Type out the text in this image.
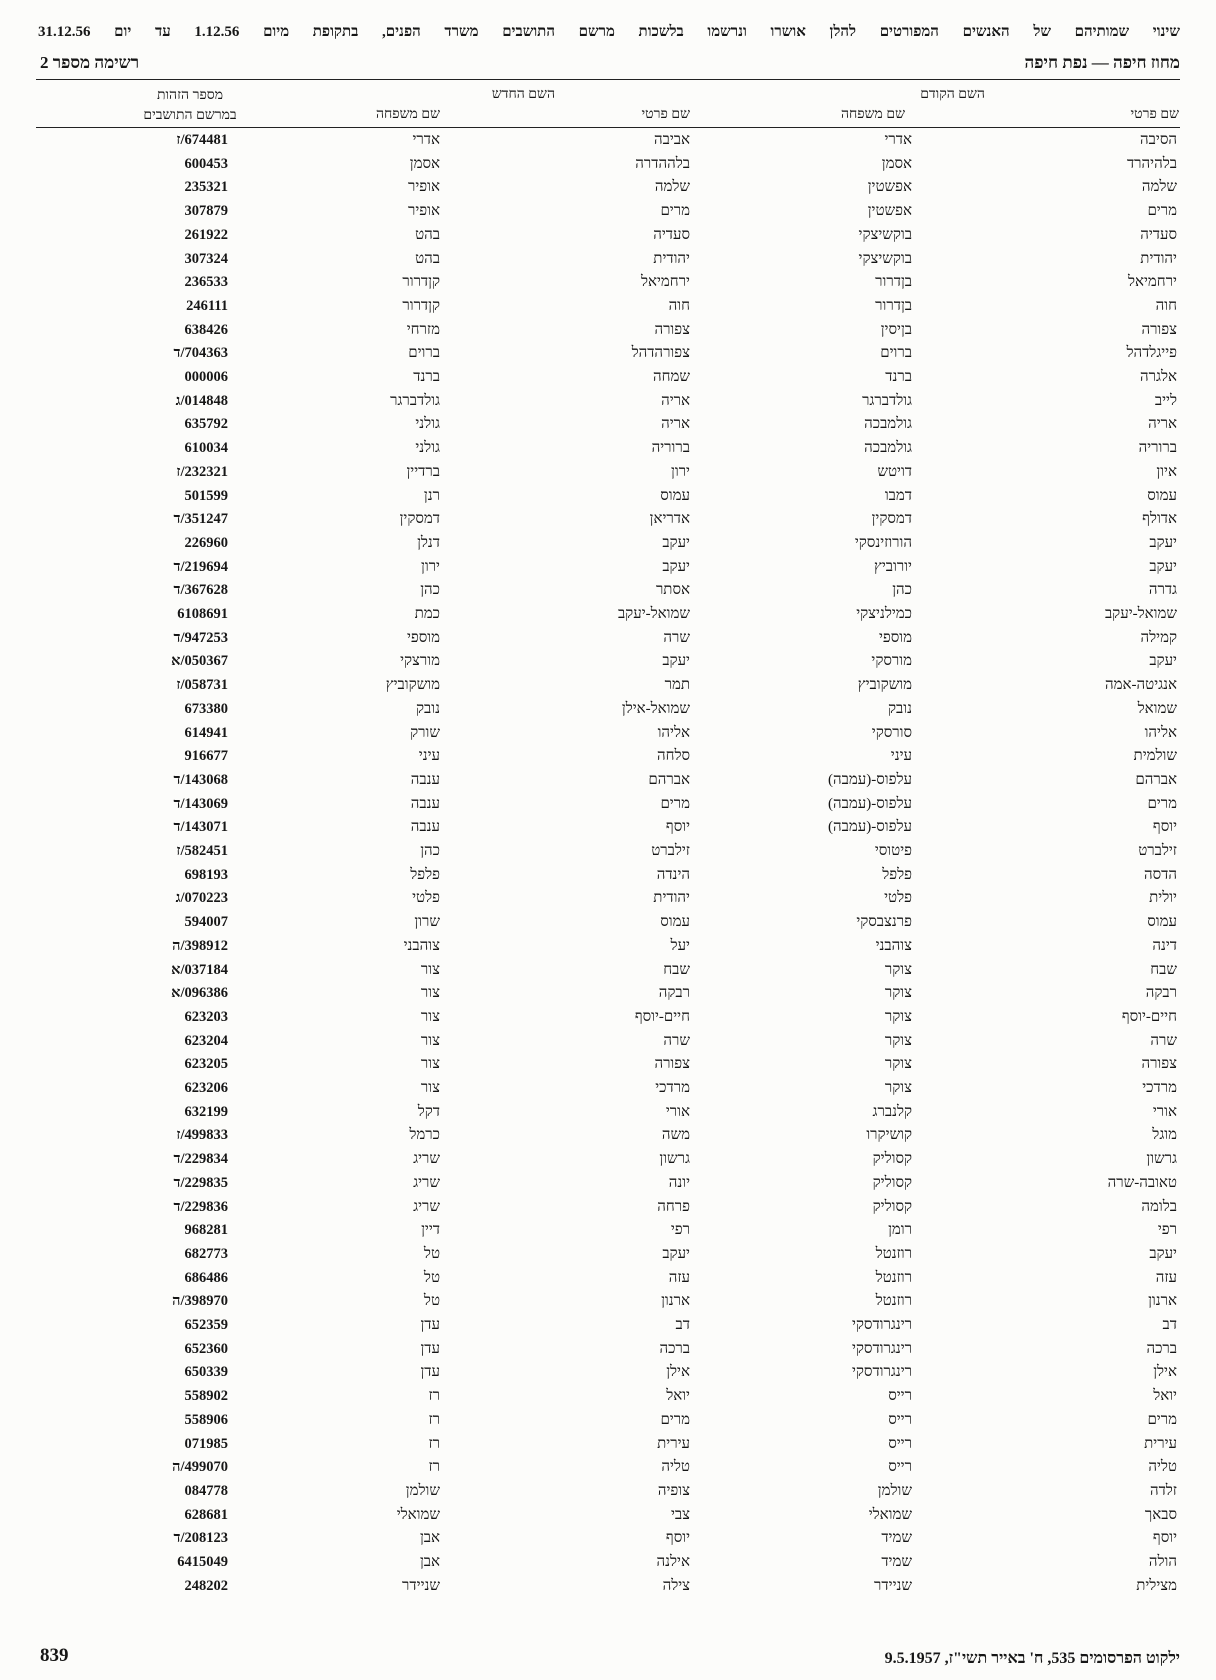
שינוי שמותיהם של האנשים המפורטים להלן אושרו ונרשמו בלשכות מרשם התושבים משרד הפנים, בתקופת מיום 1.12.56 עד יום 31.12.56
מחוז חיפה — נפת חיפה
רשימה מספר 2
השם הקודם
השם החדש
שם פרטי
שם משפחה
שם פרטי
שם משפחה
מספר הזהות
במרשם התושבים
הסיבה
אדרי
אביבה
אדרי
ז/674481
בלהיהרד
אסמן
בלההדרה
אסמן
600453
שלמה
אפשטין
שלמה
אופיר
235321
מרים
אפשטין
מרים
אופיר
307879
סעדיה
בוקשיצקי
סעדיה
בהט
261922
יהודית
בוקשיצקי
יהודית
בהט
307324
ירחמיאל
בןדרור
ירחמיאל
קןדרור
236533
חוה
בןדרור
חוה
קןדרור
246111
צפורה
בןיסין
צפורה
מזרחי
638426
פייגלדהל
ברוים
צפורהדהל
ברוים
ד/704363
אלגרה
ברנד
שמחה
ברנד
000006
לייב
גולדברגר
אריה
גולדברגר
ג/014848
אריה
גולמבכה
אריה
גולני
635792
ברוריה
גולמבכה
ברוריה
גולני
610034
איון
דויטש
ירון
ברדיין
ז/232321
עמוס
דמבו
עמוס
רנן
501599
אדולף
דמסקין
אדריאן
דמסקין
ד/351247
יעקב
הורוזינסקי
יעקב
דנלן
226960
יעקב
יורוביץ
יעקב
ירון
ד/219694
גדרה
כהן
אסתר
כהן
ד/367628
שמואל-יעקב
כמילניצקי
שמואל-יעקב
כמת
6108691
קמילה
מוספי
שרה
מוספי
ד/947253
יעקב
מורסקי
יעקב
מורצקי
א/050367
אנגיטה-אמה
מושקוביץ
תמר
מושקוביץ
ז/058731
שמואל
נובק
שמואל-אילן
נובק
673380
אליהו
סורסקי
אליהו
שורק
614941
שולמית
עיני
סלחה
עיני
916677
אברהם
עלפוס-(עמבה)
אברהם
ענבה
ד/143068
מרים
עלפוס-(עמבה)
מרים
ענבה
ד/143069
יוסף
עלפוס-(עמבה)
יוסף
ענבה
ד/143071
זילברט
פיטוסי
זילברט
כהן
ז/582451
הדסה
פלפל
הינדה
פלפל
698193
יולית
פלטי
יהודית
פלטי
ג/070223
עמוס
פרנצבסקי
עמוס
שרון
594007
דינה
צוהבני
יעל
צוהבני
ה/398912
שבח
צוקר
שבח
צור
א/037184
רבקה
צוקר
רבקה
צור
א/096386
חיים-יוסף
צוקר
חיים-יוסף
צור
623203
שרה
צוקר
שרה
צור
623204
צפורה
צוקר
צפורה
צור
623205
מרדכי
צוקר
מרדכי
צור
623206
אורי
קלנברג
אורי
דקל
632199
מוגל
קושיקרו
משה
כרמל
ז/499833
גרשון
קסוליק
גרשון
שריג
ד/229834
טאובה-שרה
קסוליק
יונה
שריג
ד/229835
בלומה
קסוליק
פרחה
שריג
ד/229836
רפי
רומן
רפי
דיין
968281
יעקב
רוזנטל
יעקב
טל
682773
עזה
רוזנטל
עזה
טל
686486
ארנון
רוזנטל
ארנון
טל
ה/398970
דב
רינגרודסקי
דב
עדן
652359
ברכה
רינגרודסקי
ברכה
עדן
652360
אילן
רינגרודסקי
אילן
עדן
650339
יואל
רייס
יואל
רז
558902
מרים
רייס
מרים
רז
558906
עירית
רייס
עירית
רז
071985
טליה
רייס
טליה
רז
ה/499070
זלדה
שולמן
צופיה
שולמן
084778
סבאך
שמואלי
צבי
שמואלי
628681
יוסף
שמיד
יוסף
אבן
ד/208123
הולה
שמיד
אילנה
אבן
6415049
מצילית
שניידר
צילה
שניידר
248202
839	ילקוט הפרסומים 535, ח' באייר תשי"ז, 9.5.1957
